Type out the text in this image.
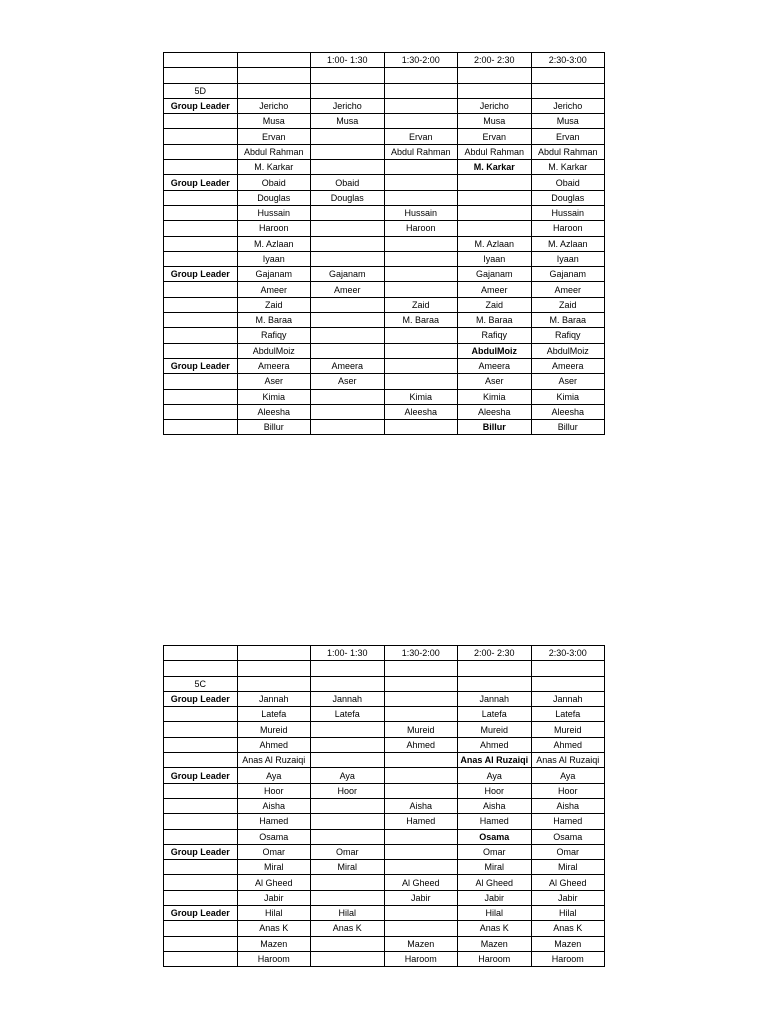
		1:00- 1:30	1:30-2:00	2:00- 2:30	2:30-3:00

5D					
Group Leader	Jericho	Jericho		Jericho	Jericho
	Musa	Musa		Musa	Musa
	Ervan		Ervan	Ervan	Ervan
	Abdul Rahman		Abdul Rahman	Abdul Rahman	Abdul Rahman
	M. Karkar			M. Karkar	M. Karkar
Group Leader	Obaid	Obaid			Obaid
	Douglas	Douglas			Douglas
	Hussain		Hussain		Hussain
	Haroon		Haroon		Haroon
	M. Azlaan			M. Azlaan	M. Azlaan
	Iyaan			Iyaan	Iyaan
Group Leader	Gajanam	Gajanam		Gajanam	Gajanam
	Ameer	Ameer		Ameer	Ameer
	Zaid		Zaid	Zaid	Zaid
	M. Baraa		M. Baraa	M. Baraa	M. Baraa
	Rafiqy			Rafiqy	Rafiqy
	AbdulMoiz			AbdulMoiz	AbdulMoiz
Group Leader	Ameera	Ameera		Ameera	Ameera
	Aser	Aser		Aser	Aser
	Kimia		Kimia	Kimia	Kimia
	Aleesha		Aleesha	Aleesha	Aleesha
	Billur			Billur	Billur
		1:00- 1:30	1:30-2:00	2:00- 2:30	2:30-3:00

5C					
Group Leader	Jannah	Jannah		Jannah	Jannah
	Latefa	Latefa		Latefa	Latefa
	Mureid		Mureid	Mureid	Mureid
	Ahmed		Ahmed	Ahmed	Ahmed
	Anas Al Ruzaiqi			Anas Al Ruzaiqi	Anas Al Ruzaiqi
Group Leader	Aya	Aya		Aya	Aya
	Hoor	Hoor		Hoor	Hoor
	Aisha		Aisha	Aisha	Aisha
	Hamed		Hamed	Hamed	Hamed
	Osama			Osama	Osama
Group Leader	Omar	Omar		Omar	Omar
	Miral	Miral		Miral	Miral
	Al Gheed		Al Gheed	Al Gheed	Al Gheed
	Jabir		Jabir	Jabir	Jabir
Group Leader	Hilal	Hilal		Hilal	Hilal
	Anas K	Anas K		Anas K	Anas K
	Mazen		Mazen	Mazen	Mazen
	Haroom		Haroom	Haroom	Haroom
